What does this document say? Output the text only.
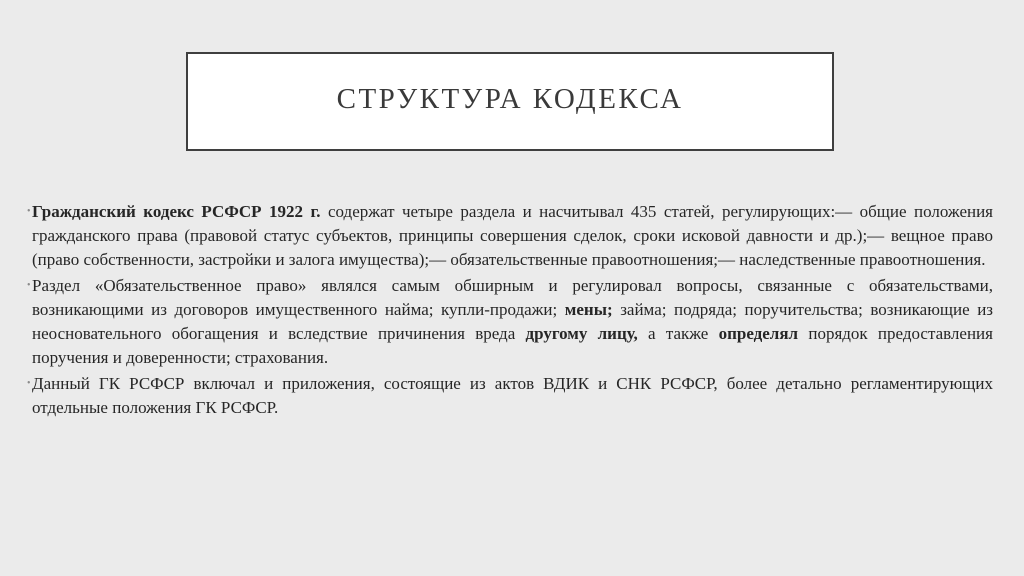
СТРУКТУРА КОДЕКСА

• Гражданский кодекс РСФСР 1922 г. содержат четыре раздела и насчитывал 435 статей, регулирующих:— общие положения гражданского права (правовой статус субъектов, принципы совершения сделок, сроки исковой давности и др.);— вещное право (право собственности, застройки и залога имущества);— обязательственные правоотношения;— наследственные правоотношения.

• Раздел «Обязательственное право» являлся самым обширным и регулировал вопросы, связанные с обязательствами, возникающими из договоров имущественного найма; купли-продажи; мены; займа; подряда; поручительства; возникающие из неосновательного обогащения и вследствие причинения вреда другому лицу, а также определял порядок предоставления поручения и доверенности; страхования.

• Данный ГК РСФСР включал и приложения, состоящие из актов ВДИК и СНК РСФСР, более детально регламентирующих отдельные положения ГК РСФСР.
